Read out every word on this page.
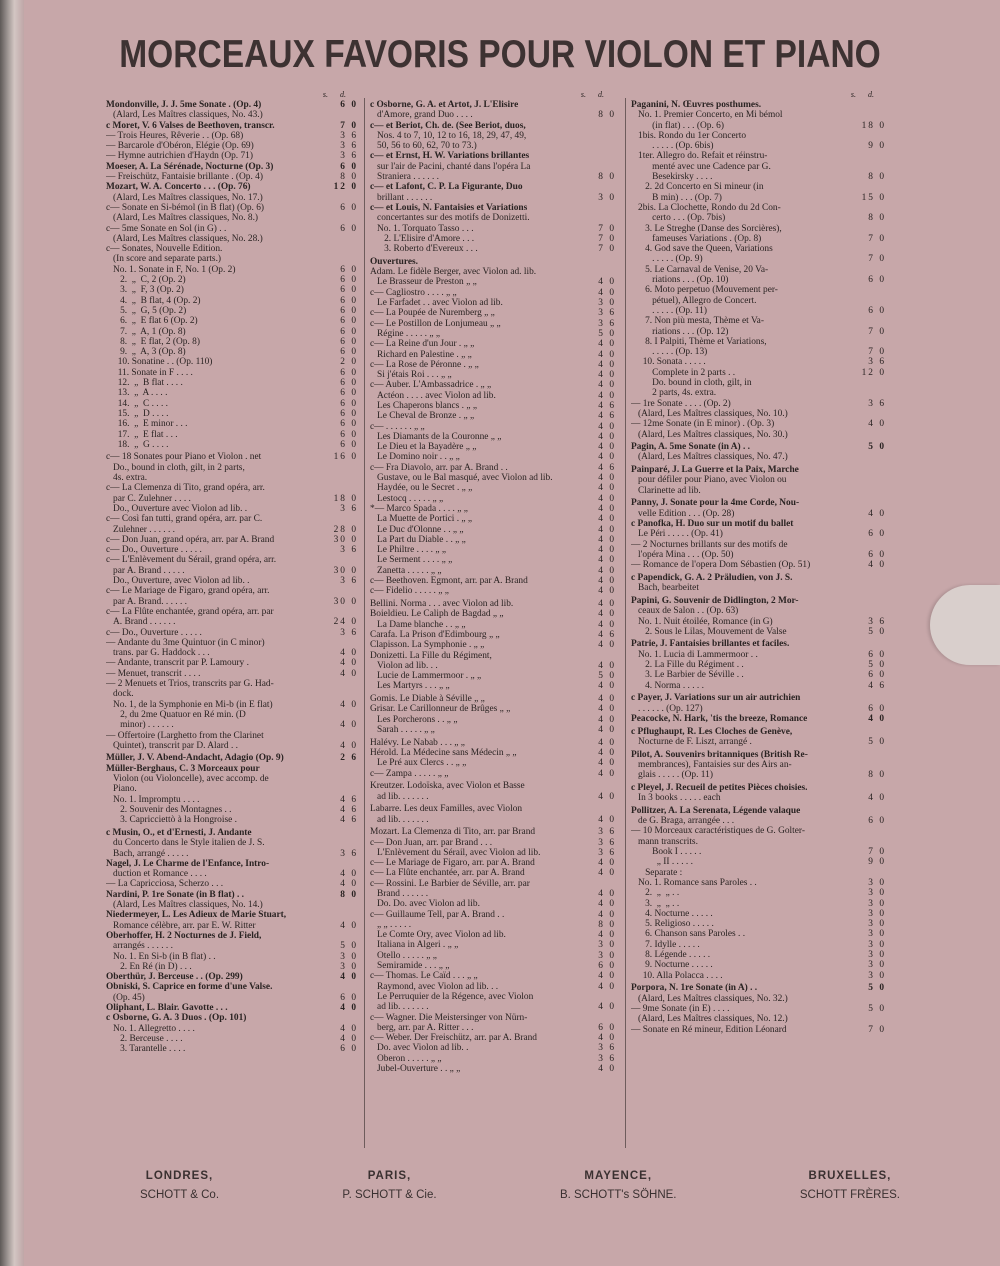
MORCEAUX FAVORIS POUR VIOLON ET PIANO
s. d.
Mondonville, J. J. 5me Sonate . (Op. 4)	6 0
(Alard, Les Maîtres classiques, No. 43.)
c Moret, V. 6 Valses de Beethoven, transcr.	7 0
— Trois Heures, Rêverie . . (Op. 68)	3 6
— Barcarole d'Obéron, Elégie (Op. 69)	3 6
— Hymne autrichien d'Haydn (Op. 71)	3 6
Moeser, A. La Sérénade, Nocturne (Op. 3)	6 0
— Freischütz, Fantaisie brillante . (Op. 4)	8 0
Mozart, W. A. Concerto . . . (Op. 76)	12 0
(Alard, Les Maîtres classiques, No. 17.)
c— Sonate en Si-bémol (in B flat) (Op. 6)	6 0
(Alard, Les Maîtres classiques, No. 8.)
c— 5me Sonate en Sol (in G) . .	6 0
(Alard, Les Maîtres classiques, No. 28.)
c— Sonates, Nouvelle Edition.
(In score and separate parts.)
No. 1. Sonate in F, No. 1 (Op. 2)	6 0
2.  „  C, 2 (Op. 2)	6 0
3.  „  F, 3 (Op. 2)	6 0
4.  „  B flat, 4 (Op. 2)	6 0
5.  „  G, 5 (Op. 2)	6 0
6.  „  E flat 6 (Op. 2)	6 0
7.  „  A, 1 (Op. 8)	6 0
8.  „  E flat, 2 (Op. 8)	6 0
9.  „  A, 3 (Op. 8)	6 0
10. Sonatine . . (Op. 110)	2 0
11. Sonate in F . . . .	6 0
12.  „  B flat . . . .	6 0
13.  „  A . . . .	6 0
14.  „  C . . . .	6 0
15.  „  D . . . .	6 0
16.  „  E minor . . .	6 0
17.  „  E flat . . .	6 0
18.  „  G . . . .	6 0
c— 18 Sonates pour Piano et Violon . net	16 0
Do., bound in cloth, gilt, in 2 parts,
4s. extra.
c— La Clemenza di Tito, grand opéra, arr.
par C. Zulehner . . . .	18 0
Do., Ouverture avec Violon ad lib. .	3 6
c— Così fan tutti, grand opéra, arr. par C.
Zulehner . . . . . .	28 0
c— Don Juan, grand opéra, arr. par A. Brand	30 0
c— Do., Ouverture . . . . .	3 6
c— L'Enlèvement du Sérail, grand opéra, arr.
par A. Brand . . . . .	30 0
Do., Ouverture, avec Violon ad lib. .	3 6
c— Le Mariage de Figaro, grand opéra, arr.
par A. Brand. . . . . .	30 0
c— La Flûte enchantée, grand opéra, arr. par
A. Brand . . . . . .	24 0
c— Do., Ouverture . . . . .	3 6
— Andante du 3me Quintuor (in C minor)
trans. par G. Haddock . . .	4 0
— Andante, transcrit par P. Lamoury .	4 0
— Menuet, transcrit . . . .	4 0
— 2 Menuets et Trios, transcrits par G. Had-
dock.
No. 1, de la Symphonie en Mi-b (in E flat)	4 0
2, du 2me Quatuor en Ré min. (D
minor) . . . . . .	4 0
— Offertoire (Larghetto from the Clarinet
Quintet), transcrit par D. Alard . .	4 0
Müller, J. V. Abend-Andacht, Adagio (Op. 9)	2 6
Müller-Berghaus, C. 3 Morceaux pour
Violon (ou Violoncelle), avec accomp. de
Piano.
No. 1. Impromptu . . . .	4 6
2. Souvenir des Montagnes . .	4 6
3. Capricciettò à la Hongroise .	4 6
c Musin, O., et d'Ernesti, J. Andante
du Concerto dans le Style italien de J. S.
Bach, arrangé . . . . .	3 6
Nagel, J. Le Charme de l'Enfance, Intro-
duction et Romance . . . .	4 0
— La Capricciosa, Scherzo . . .	4 0
Nardini, P. 1re Sonate (in B flat) . .	8 0
(Alard, Les Maîtres classiques, No. 14.)
Niedermeyer, L. Les Adieux de Marie Stuart,
Romance célèbre, arr. par E. W. Ritter	4 0
Oberhoffer, H. 2 Nocturnes de J. Field,
arrangés . . . . . .	5 0
No. 1. En Si-b (in B flat) . .	3 0
2. En Ré (in D) . . .	3 0
Oberthür, J. Berceuse . . (Op. 299)	4 0
Obniski, S. Caprice en forme d'une Valse.
(Op. 45)	6 0
Oliphant, L. Blair. Gavotte . . .	4 0
c Osborne, G. A. 3 Duos . (Op. 101)
No. 1. Allegretto . . . .	4 0
2. Berceuse . . . .	4 0
3. Tarantelle . . . .	6 0
s. d.
c Osborne, G. A. et Artot, J. L'Elisire
d'Amore, grand Duo . . . .	8 0
c— et Beriot, Ch. de. (See Beriot, duos,
Nos. 4 to 7, 10, 12 to 16, 18, 29, 47, 49,
50, 56 to 60, 62, 70 to 73.)
c— et Ernst, H. W. Variations brillantes
sur l'air de Pacini, chanté dans l'opéra La
Straniera . . . . . .	8 0
c— et Lafont, C. P. La Figurante, Duo
brillant . . . . . .	3 0
c— et Louis, N. Fantaisies et Variations
concertantes sur des motifs de Donizetti.
No. 1. Torquato Tasso . . .	7 0
2. L'Elisire d'Amore . . .	7 0
3. Roberto d'Evereux . . .	7 0
Ouvertures.
Adam. Le fidèle Berger, avec Violon ad. lib.
Le Brasseur de Preston „ „	4 0
c— Cagliostro . . . . „ „	4 0
Le Farfadet . . avec Violon ad lib.	3 0
c— La Poupée de Nuremberg „ „	3 6
c— Le Postillon de Lonjumeau „ „	3 6
Régine . . . . . „ „	5 0
c— La Reine d'un Jour . „ „	4 0
Richard en Palestine . „ „	4 0
c— La Rose de Péronne . „ „	4 0
Si j'étais Roi . . . „ „	4 0
c— Auber. L'Ambassadrice . „ „	4 0
Actéon . . . . avec Violon ad lib.	4 0
Les Chaperons blancs . „ „	4 6
Le Cheval de Bronze . „ „	4 6
c— . . . . . . „ „	4 0
Les Diamants de la Couronne „ „	4 0
Le Dieu et la Bayadère „ „	4 0
Le Domino noir . . „ „	4 0
c— Fra Diavolo, arr. par A. Brand . .	4 6
Gustave, ou le Bal masqué, avec Violon ad lib.	4 0
Haydée, ou le Secret . „ „	4 0
Lestocq . . . . . „ „	4 0
*— Marco Spada . . . . „ „	4 0
La Muette de Portici . „ „	4 0
Le Duc d'Olonne . . „ „	4 0
La Part du Diable . . „ „	4 0
Le Philtre . . . . „ „	4 0
Le Serment . . . . „ „	4 0
Zanetta . . . . . „ „	4 0
c— Beethoven. Egmont, arr. par A. Brand	4 0
c— Fidelio . . . . . „ „	4 0
Bellini. Norma . . . avec Violon ad lib.	4 0
Boieldieu. Le Caliph de Bagdad „ „	4 0
La Dame blanche . . „ „	4 0
Carafa. La Prison d'Edimbourg „ „	4 6
Clapisson. La Symphonie . „ „	4 0
Donizetti. La Fille du Régiment,
Violon ad lib. . .	4 0
Lucie de Lammermoor . „ „	5 0
Les Martyrs . . . „ „	4 0
Gomis. Le Diable à Séville „ „	4 0
Grisar. Le Carillonneur de Brûges „ „	4 0
Les Porcherons . . „ „	4 0
Sarah . . . . . „ „	4 0
Halévy. Le Nabab . . . „ „	4 0
Hérold. La Médecine sans Médecin „ „	4 0
Le Pré aux Clercs . . „ „	4 0
c— Zampa . . . . . „ „	4 0
Kreutzer. Lodoïska, avec Violon et Basse
ad lib. . . . . . .	4 0
Labarre. Les deux Familles, avec Violon
ad lib. . . . . . .	4 0
Mozart. La Clemenza di Tito, arr. par Brand	3 6
c— Don Juan, arr. par Brand . . .	3 6
L'Enlèvement du Sérail, avec Violon ad lib.	3 6
c— Le Mariage de Figaro, arr. par A. Brand	4 0
c— La Flûte enchantée, arr. par A. Brand	4 0
c— Rossini. Le Barbier de Séville, arr. par
Brand . . . . . .	4 0
Do. Do. avec Violon ad lib.	4 0
c— Guillaume Tell, par A. Brand . .	4 0
„ „ . . . . .	8 0
Le Comte Ory, avec Violon ad lib.	4 0
Italiana in Algeri . „ „	3 0
Otello . . . . . „ „	3 0
Semiramide . . . „ „	6 0
c— Thomas. Le Caïd . . . „ „	4 0
Raymond, avec Violon ad lib. . .	4 0
Le Perruquier de la Régence, avec Violon
ad lib. . . . . . .	4 0
c— Wagner. Die Meistersinger von Nürn-
berg, arr. par A. Ritter . . .	6 0
c— Weber. Der Freischütz, arr. par A. Brand	4 0
Do. avec Violon ad lib. .	3 6
Oberon . . . . . „ „	3 6
Jubel-Ouverture . . „ „	4 0
s. d.
Paganini, N. Œuvres posthumes.
No. 1. Premier Concerto, en Mi bémol
(in flat) . . . (Op. 6)	18 0
1bis. Rondo du 1er Concerto
. . . . . (Op. 6bis)	9 0
1ter. Allegro do. Refait et réinstru-
menté avec une Cadence par G.
Besekirsky . . . .	8 0
2. 2d Concerto en Si mineur (in
B min) . . . (Op. 7)	15 0
2bis. La Clochette, Rondo du 2d Con-
certo . . . (Op. 7bis)	8 0
3. Le Streghe (Danse des Sorcières),
fameuses Variations . (Op. 8)	7 0
4. God save the Queen, Variations
. . . . . (Op. 9)	7 0
5. Le Carnaval de Venise, 20 Va-
riations . . . (Op. 10)	6 0
6. Moto perpetuo (Mouvement per-
pétuel), Allegro de Concert.
. . . . . (Op. 11)	6 0
7. Non più mesta, Thème et Va-
riations . . . (Op. 12)	7 0
8. I Palpiti, Thème et Variations,
. . . . . (Op. 13)	7 0
10. Sonata . . . . .	3 6
Complete in 2 parts . .	12 0
Do. bound in cloth, gilt, in
2 parts, 4s. extra.
— 1re Sonate . . . . (Op. 2)	3 6
(Alard, Les Maîtres classiques, No. 10.)
— 12me Sonate (in E minor) . (Op. 3)	4 0
(Alard, Les Maîtres classiques, No. 30.)
Pagin, A. 5me Sonate (in A) . .	5 0
(Alard, Les Maîtres classiques, No. 47.)
Painparé, J. La Guerre et la Paix, Marche
pour défiler pour Piano, avec Violon ou
Clarinette ad lib.
Panny, J. Sonate pour la 4me Corde, Nou-
velle Edition . . . (Op. 28)	4 0
c Panofka, H. Duo sur un motif du ballet
Le Péri . . . . . (Op. 41)	6 0
— 2 Nocturnes brillants sur des motifs de
l'opéra Mina . . . (Op. 50)	6 0
— Romance de l'opera Dom Sébastien (Op. 51)	4 0
c Papendick, G. A. 2 Präludien, von J. S.
Bach, bearbeitet
Papini, G. Souvenir de Didlington, 2 Mor-
ceaux de Salon . . (Op. 63)
No. 1. Nuit étoilée, Romance (in G)	3 6
2. Sous le Lilas, Mouvement de Valse	5 0
Patrie, J. Fantaisies brillantes et faciles.
No. 1. Lucia di Lammermoor . .	6 0
2. La Fille du Régiment . .	5 0
3. Le Barbier de Séville . .	6 0
4. Norma . . . . .	4 6
c Payer, J. Variations sur un air autrichien
. . . . . . (Op. 127)	6 0
Peacocke, N. Hark, 'tis the breeze, Romance	4 0
c Pflughaupt, R. Les Cloches de Genève,
Nocturne de F. Liszt, arrangé .	5 0
Pilot, A. Souvenirs britanniques (British Re-
membrances), Fantaisies sur des Airs an-
glais . . . . . (Op. 11)	8 0
c Pleyel, J. Recueil de petites Pièces choisies.
In 3 books . . . . . each	4 0
Pollitzer, A. La Serenata, Légende valaque
de G. Braga, arrangée . . .	6 0
— 10 Morceaux caractéristiques de G. Golter-
mann transcrits.
Book I . . . . .	7 0
„ II . . . . .	9 0
Separate :
No. 1. Romance sans Paroles . .	3 0
2.  „  „ . .	3 0
3.  „  „ . .	3 0
4. Nocturne . . . . .	3 0
5. Religioso . . . . .	3 0
6. Chanson sans Paroles . .	3 0
7. Idylle . . . . .	3 0
8. Légende . . . . .	3 0
9. Nocturne . . . . .	3 0
10. Alla Polacca . . . .	3 0
Porpora, N. 1re Sonate (in A) . .	5 0
(Alard, Les Maîtres classiques, No. 32.)
— 9me Sonate (in E) . . . .	5 0
(Alard, Les Maîtres classiques, No. 12.)
— Sonate en Ré mineur, Edition Léonard	7 0
LONDRES,
SCHOTT & Co.
PARIS,
P. SCHOTT & Cie.
MAYENCE,
B. SCHOTT's SÖHNE.
BRUXELLES,
SCHOTT FRÈRES.
